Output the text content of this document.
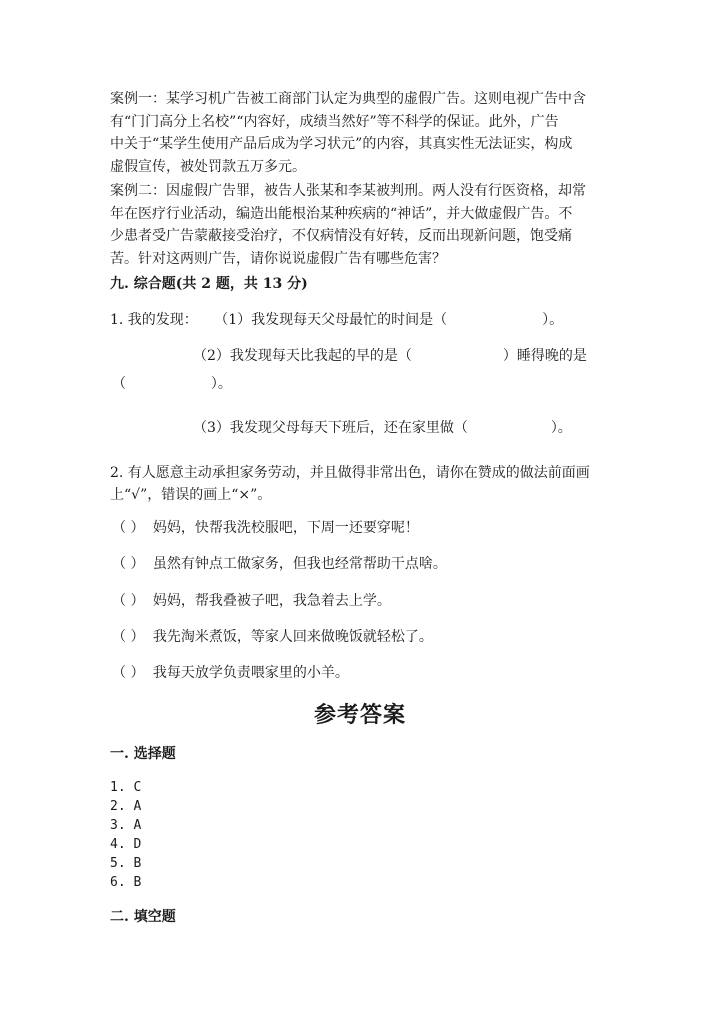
案例一：某学习机广告被工商部门认定为典型的虚假广告。这则电视广告中含
有“门门高分上名校”“内容好，成绩当然好”等不科学的保证。此外，广告
中关于“某学生使用产品后成为学习状元”的内容，其真实性无法证实，构成
虚假宣传，被处罚款五万多元。
案例二：因虚假广告罪，被告人张某和李某被判刑。两人没有行医资格，却常
年在医疗行业活动，编造出能根治某种疾病的“神话”，并大做虚假广告。不
少患者受广告蒙蔽接受治疗，不仅病情没有好转，反而出现新问题，饱受痛
苦。针对这两则广告，请你说说虚假广告有哪些危害？
九. 综合题(共 2 题，共 13 分)
1. 我的发现： （1）我发现每天父母最忙的时间是（	）。
（2）我发现每天比我起的早的是（	）睡得晚的是
（	）。
（3）我发现父母每天下班后，还在家里做（	）。
2. 有人愿意主动承担家务劳动，并且做得非常出色，请你在赞成的做法前面画
上“√”，错误的画上“×”。
（ ） 妈妈，快帮我洗校服吧，下周一还要穿呢！
（ ） 虽然有钟点工做家务，但我也经常帮助干点啥。
（ ） 妈妈，帮我叠被子吧，我急着去上学。
（ ） 我先淘米煮饭，等家人回来做晚饭就轻松了。
（ ） 我每天放学负责喂家里的小羊。
参考答案
一. 选择题
1. C
2. A
3. A
4. D
5. B
6. B
二. 填空题
